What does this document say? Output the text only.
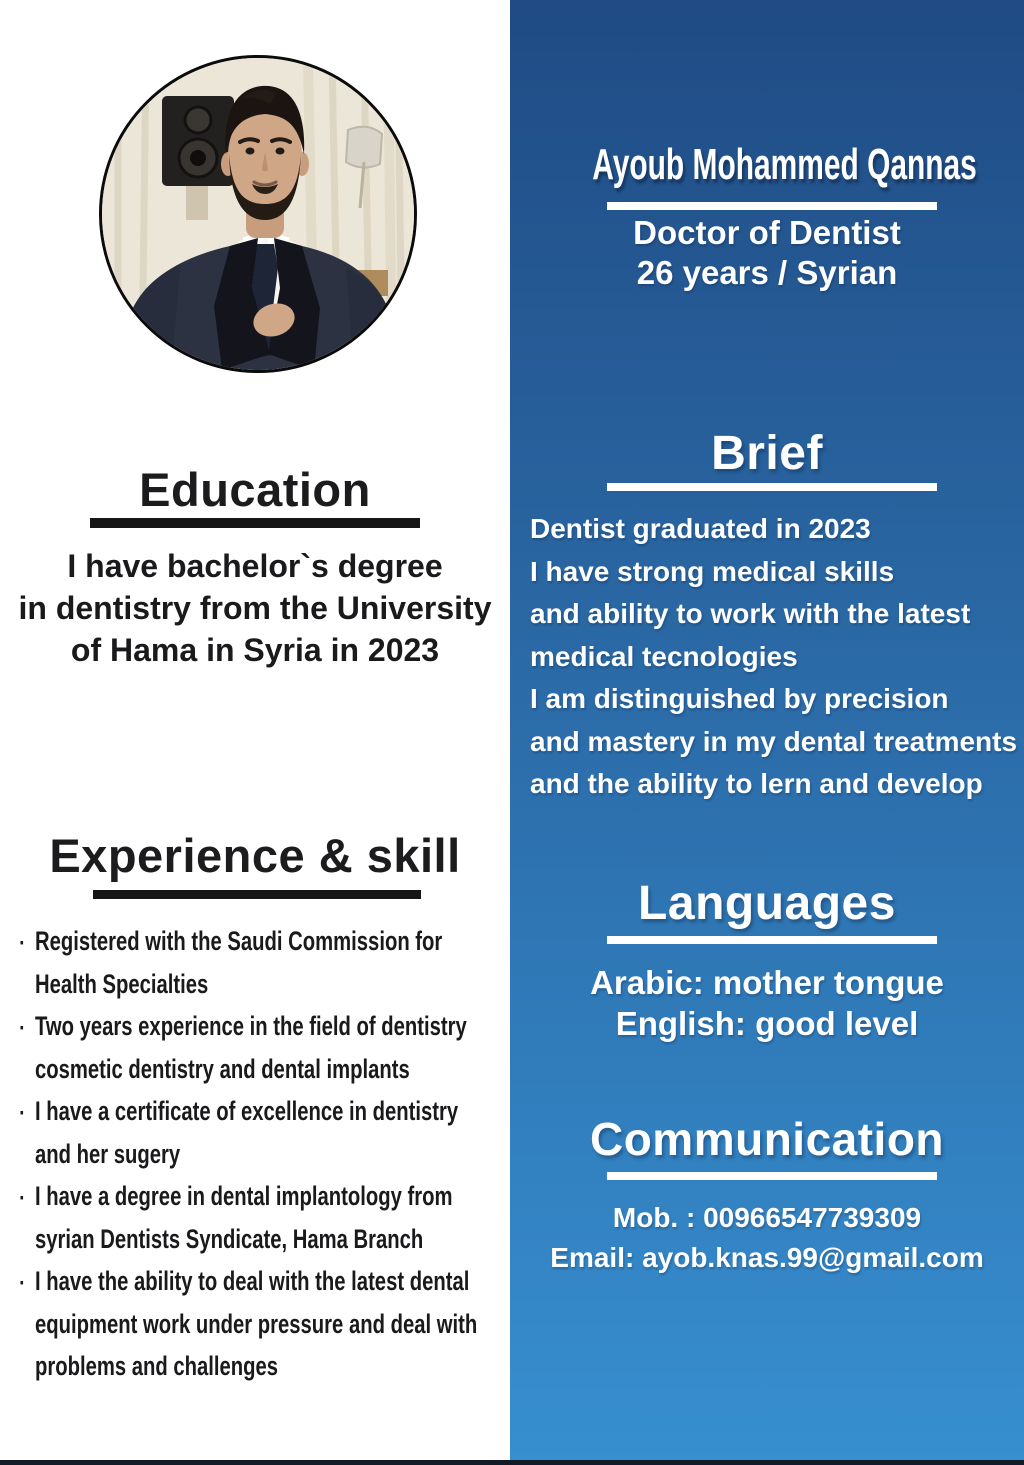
Education
I have bachelor`s degree
in dentistry from the University
of Hama in Syria in 2023
Experience & skill
▪ Registered with the Saudi Commission for
Health Specialties
▪ Two years experience in the field of dentistry
cosmetic dentistry and dental implants
▪ I have a certificate of excellence in dentistry
and her sugery
▪ I have a degree in dental implantology from
syrian Dentists Syndicate, Hama Branch
▪ I have the ability to deal with the latest dental
equipment work under pressure and deal with
problems and challenges
Ayoub Mohammed Qannas
Doctor of Dentist
26 years / Syrian
Brief
Dentist graduated in 2023
I have strong medical skills
and ability to work with the latest
medical tecnologies
I am distinguished by precision
and mastery in my dental treatments
and the ability to lern and develop
Languages
Arabic: mother tongue
English: good level
Communication
Mob. : 00966547739309
Email: ayob.knas.99@gmail.com
